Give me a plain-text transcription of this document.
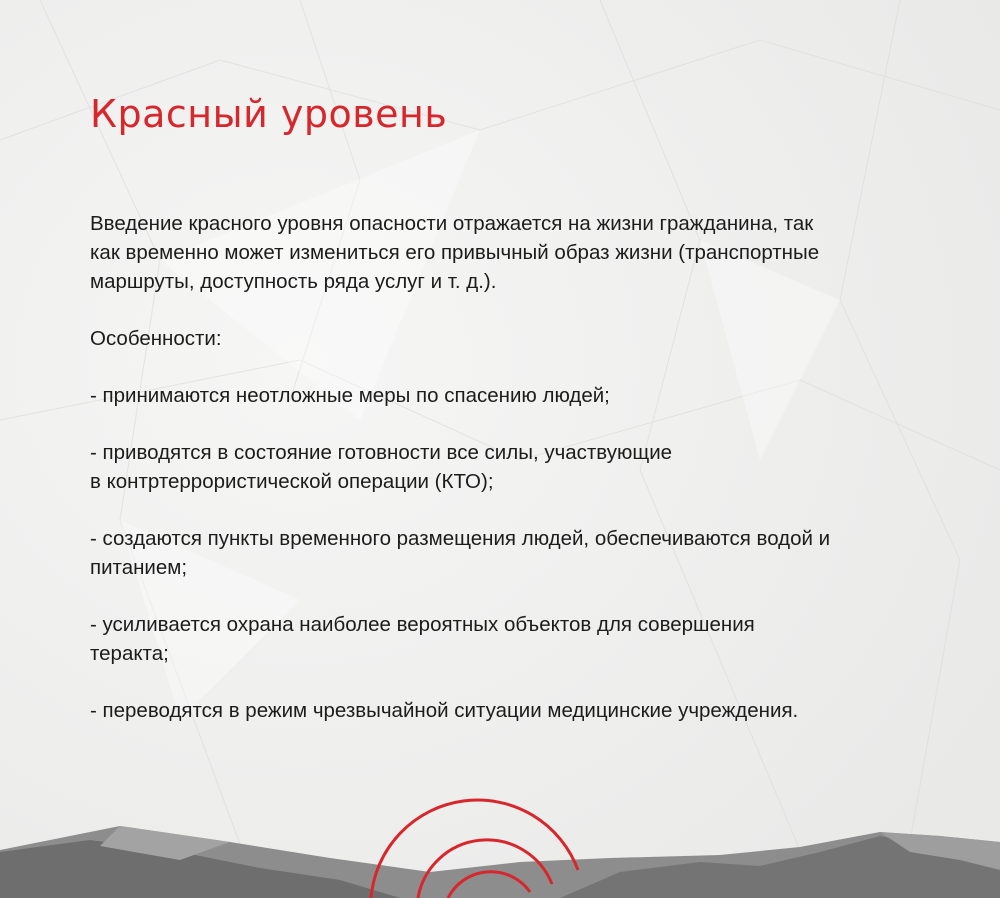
Красный уровень

Введение красного уровня опасности отражается на жизни гражданина, так
как временно может измениться его привычный образ жизни (транспортные
маршруты, доступность ряда услуг и т. д.).

Особенности:

- принимаются неотложные меры по спасению людей;

- приводятся в состояние готовности все силы, участвующие
в контртеррористической операции (КТО);

- создаются пункты временного размещения людей, обеспечиваются водой и
питанием;

- усиливается охрана наиболее вероятных объектов для совершения
теракта;

- переводятся в режим чрезвычайной ситуации медицинские учреждения.
